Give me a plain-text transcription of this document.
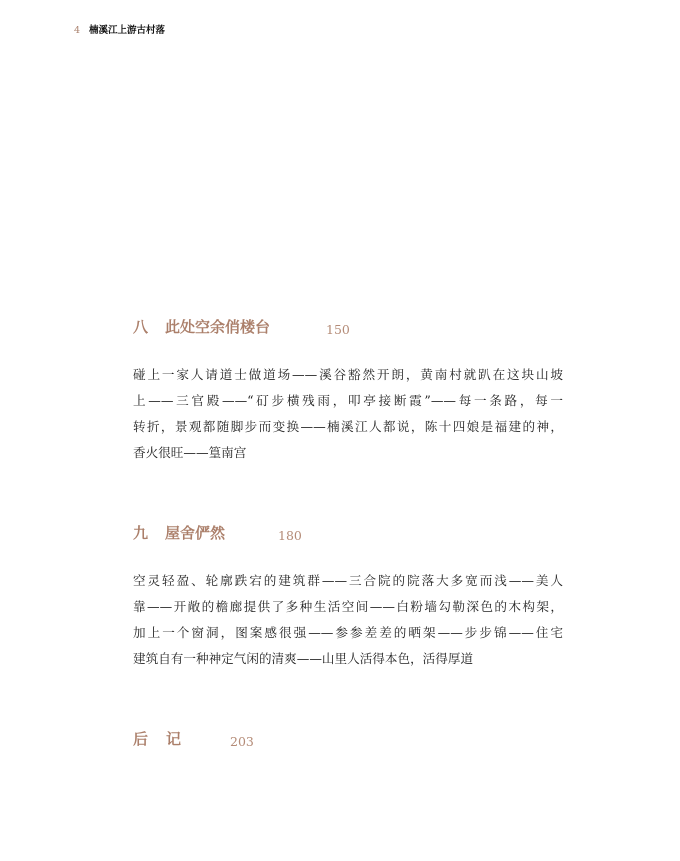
4 楠溪江上游古村落
八 此处空余俏楼台	150

碰上一家人请道士做道场——溪谷豁然开朗，黄南村就趴在这块山坡
上——三官殿——“矴步横残雨，叩亭接断霞”——每一条路，每一
转折，景观都随脚步而变换——楠溪江人都说，陈十四娘是福建的神，
香火很旺——篁南宫

九 屋舍俨然	180

空灵轻盈、轮廓跌宕的建筑群——三合院的院落大多宽而浅——美人
靠——开敞的檐廊提供了多种生活空间——白粉墙勾勒深色的木构架，
加上一个窗洞，图案感很强——参参差差的晒架——步步锦——住宅
建筑自有一种神定气闲的清爽——山里人活得本色，活得厚道

后 记	203
